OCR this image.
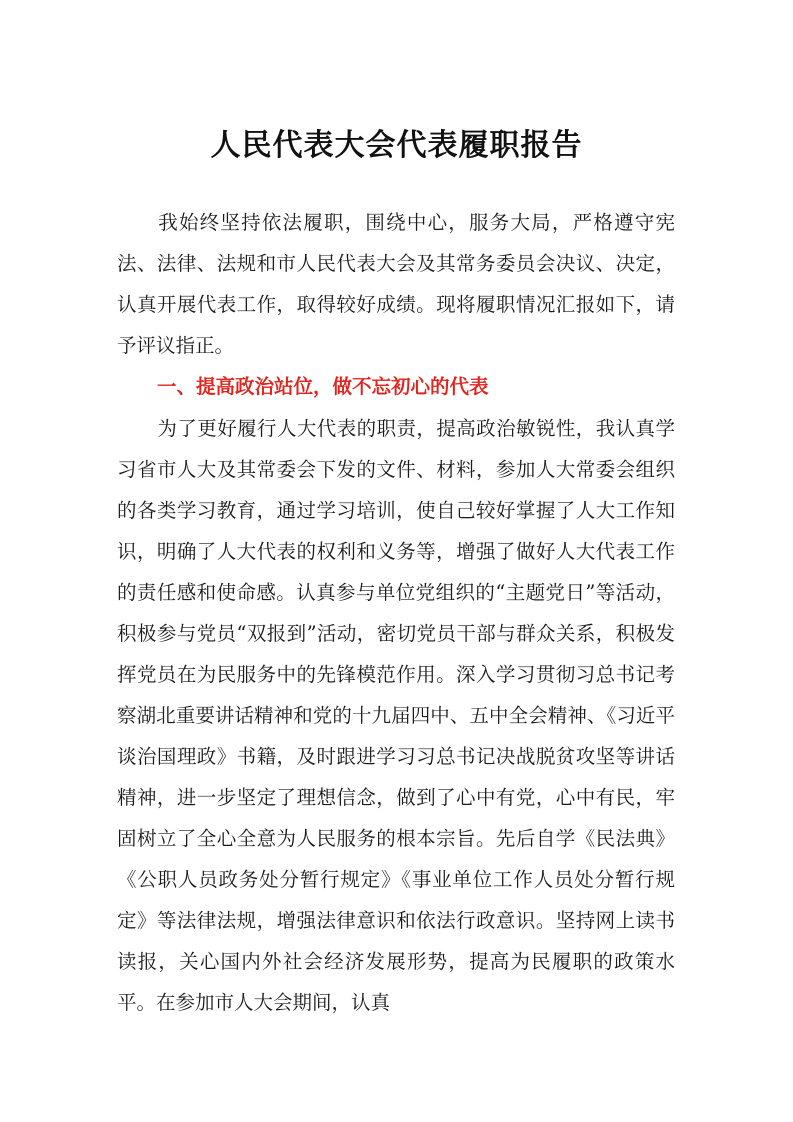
人民代表大会代表履职报告

我始终坚持依法履职，围绕中心，服务大局，严格遵守宪法、法律、法规和市人民代表大会及其常务委员会决议、决定，认真开展代表工作，取得较好成绩。现将履职情况汇报如下，请予评议指正。

一、提高政治站位，做不忘初心的代表

为了更好履行人大代表的职责，提高政治敏锐性，我认真学习省市人大及其常委会下发的文件、材料，参加人大常委会组织的各类学习教育，通过学习培训，使自己较好掌握了人大工作知识，明确了人大代表的权利和义务等，增强了做好人大代表工作的责任感和使命感。认真参与单位党组织的“主题党日”等活动，积极参与党员“双报到”活动，密切党员干部与群众关系，积极发挥党员在为民服务中的先锋模范作用。深入学习贯彻习总书记考察湖北重要讲话精神和党的十九届四中、五中全会精神、《习近平谈治国理政》书籍，及时跟进学习习总书记决战脱贫攻坚等讲话精神，进一步坚定了理想信念，做到了心中有党，心中有民，牢固树立了全心全意为人民服务的根本宗旨。先后自学《民法典》《公职人员政务处分暂行规定》《事业单位工作人员处分暂行规定》等法律法规，增强法律意识和依法行政意识。坚持网上读书读报，关心国内外社会经济发展形势，提高为民履职的政策水平。在参加市人大会期间，认真
